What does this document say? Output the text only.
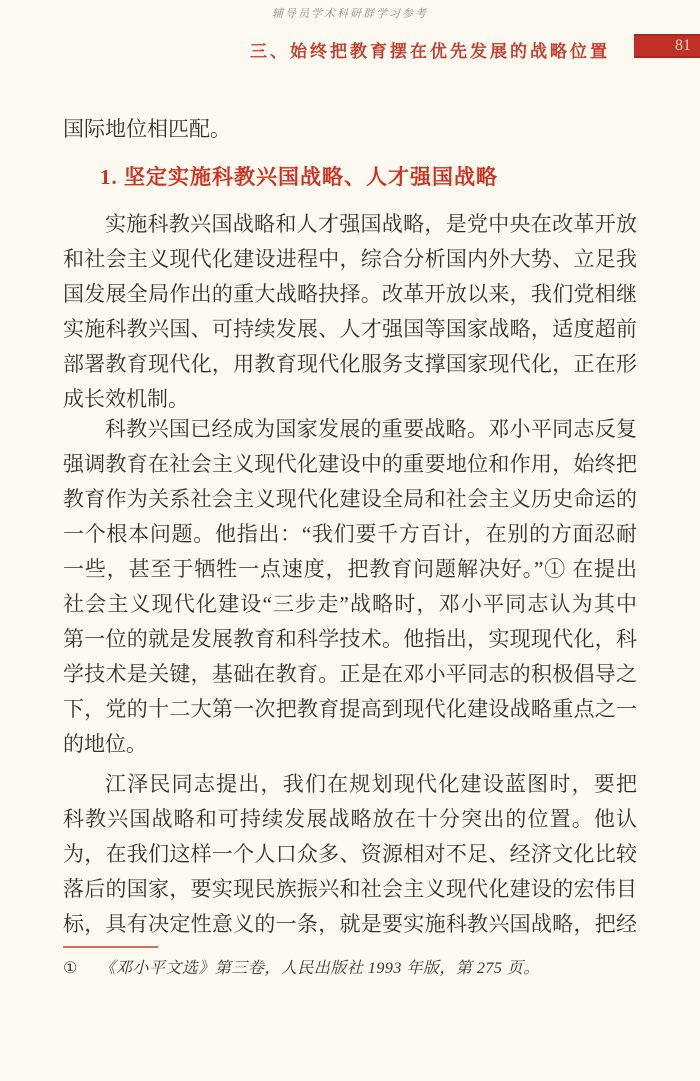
辅导员学术科研群学习参考
三、始终把教育摆在优先发展的战略位置	81
国际地位相匹配。
1. 坚定实施科教兴国战略、人才强国战略
实施科教兴国战略和人才强国战略，是党中央在改革开放
和社会主义现代化建设进程中，综合分析国内外大势、立足我
国发展全局作出的重大战略抉择。改革开放以来，我们党相继
实施科教兴国、可持续发展、人才强国等国家战略，适度超前
部署教育现代化，用教育现代化服务支撑国家现代化，正在形
成长效机制。
科教兴国已经成为国家发展的重要战略。邓小平同志反复
强调教育在社会主义现代化建设中的重要地位和作用，始终把
教育作为关系社会主义现代化建设全局和社会主义历史命运的
一个根本问题。他指出：“我们要千方百计，在别的方面忍耐
一些，甚至于牺牲一点速度，把教育问题解决好。”① 在提出
社会主义现代化建设“三步走”战略时，邓小平同志认为其中
第一位的就是发展教育和科学技术。他指出，实现现代化，科
学技术是关键，基础在教育。正是在邓小平同志的积极倡导之
下，党的十二大第一次把教育提高到现代化建设战略重点之一
的地位。
江泽民同志提出，我们在规划现代化建设蓝图时，要把
科教兴国战略和可持续发展战略放在十分突出的位置。他认
为，在我们这样一个人口众多、资源相对不足、经济文化比较
落后的国家，要实现民族振兴和社会主义现代化建设的宏伟目
标，具有决定性意义的一条，就是要实施科教兴国战略，把经
① 《邓小平文选》第三卷，人民出版社 1993 年版，第 275 页。
